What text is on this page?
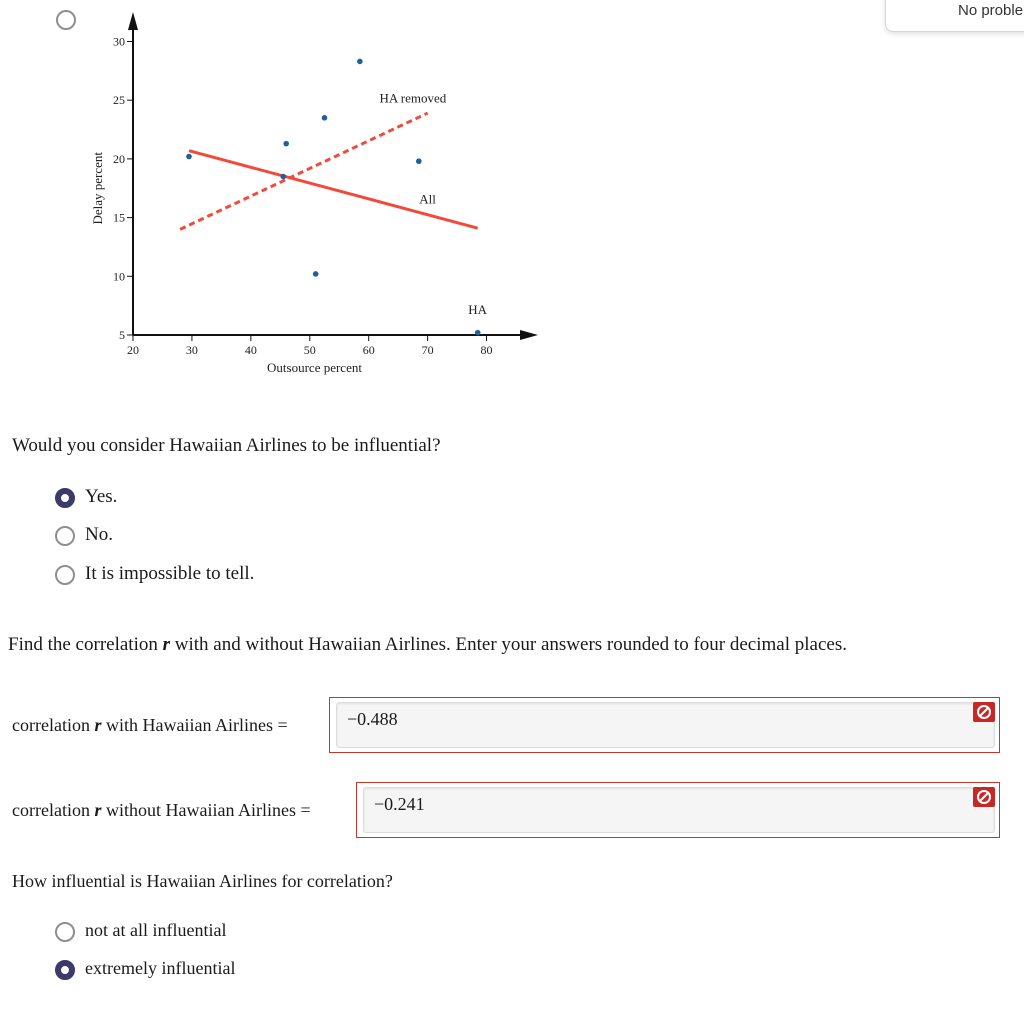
No proble
20	30	40	50	60	70	80
5
10
15
20
25
30
Outsource percent
Delay percent
HA removed
All
HA
Would you consider Hawaiian Airlines to be influential?
Yes.
No.
It is impossible to tell.
Find the correlation r with and without Hawaiian Airlines. Enter your answers rounded to four decimal places.
correlation r with Hawaiian Airlines =
−0.488
correlation r without Hawaiian Airlines =
−0.241
How influential is Hawaiian Airlines for correlation?
not at all influential
extremely influential
